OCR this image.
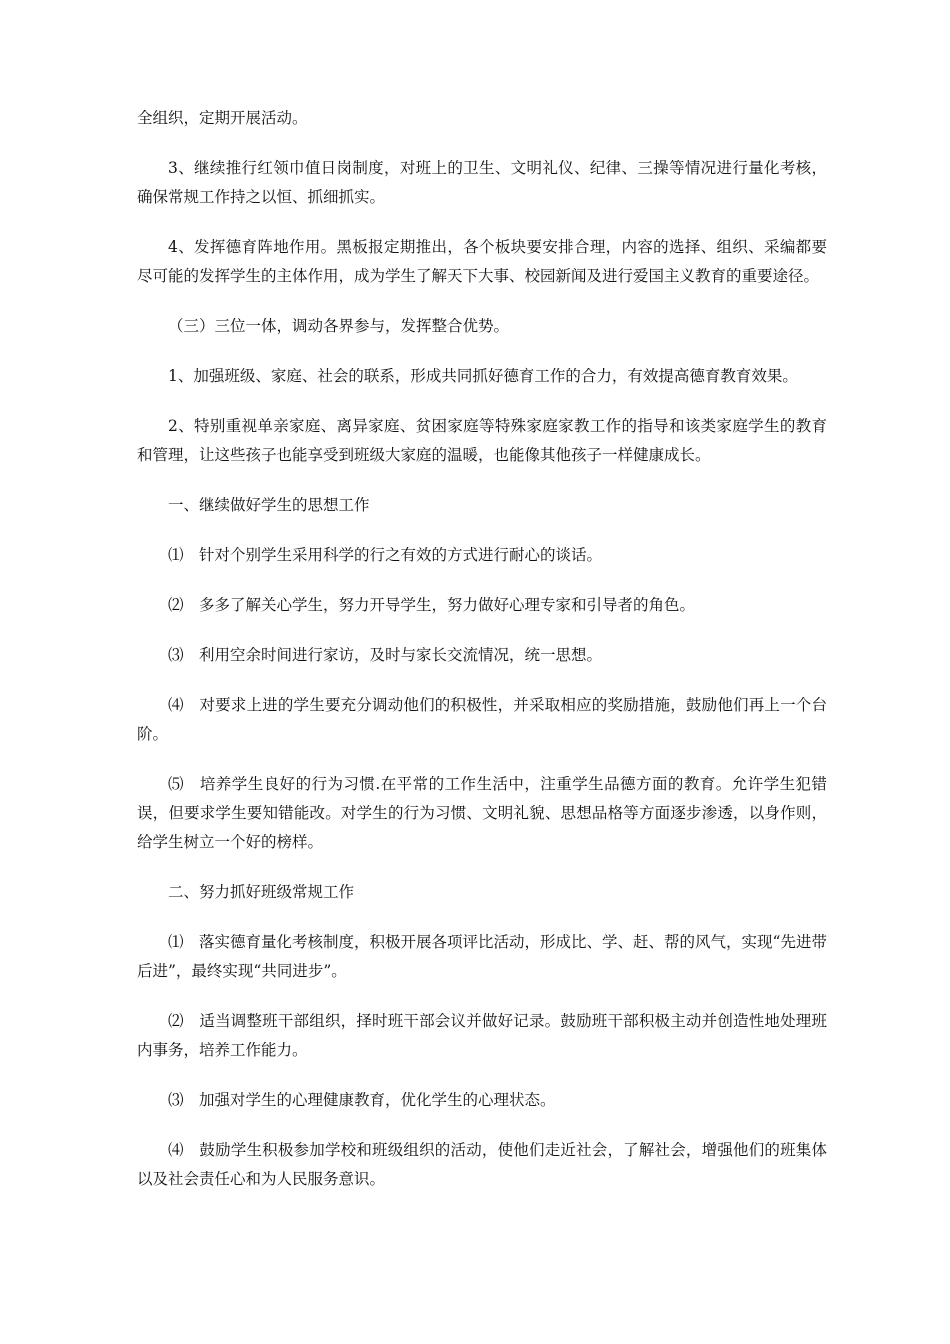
全组织，定期开展活动。

3、继续推行红领巾值日岗制度，对班上的卫生、文明礼仪、纪律、三操等情况进行量化考核，确保常规工作持之以恒、抓细抓实。

4、发挥德育阵地作用。黑板报定期推出，各个板块要安排合理，内容的选择、组织、采编都要尽可能的发挥学生的主体作用，成为学生了解天下大事、校园新闻及进行爱国主义教育的重要途径。

（三）三位一体，调动各界参与，发挥整合优势。

1、加强班级、家庭、社会的联系，形成共同抓好德育工作的合力，有效提高德育教育效果。

2、特别重视单亲家庭、离异家庭、贫困家庭等特殊家庭家教工作的指导和该类家庭学生的教育和管理，让这些孩子也能享受到班级大家庭的温暖，也能像其他孩子一样健康成长。

一、继续做好学生的思想工作

⑴　针对个别学生采用科学的行之有效的方式进行耐心的谈话。

⑵　多多了解关心学生，努力开导学生，努力做好心理专家和引导者的角色。

⑶　利用空余时间进行家访，及时与家长交流情况，统一思想。

⑷　对要求上进的学生要充分调动他们的积极性，并采取相应的奖励措施，鼓励他们再上一个台阶。

⑸　培养学生良好的行为习惯.在平常的工作生活中，注重学生品德方面的教育。允许学生犯错误，但要求学生要知错能改。对学生的行为习惯、文明礼貌、思想品格等方面逐步渗透，以身作则，给学生树立一个好的榜样。

二、努力抓好班级常规工作

⑴　落实德育量化考核制度，积极开展各项评比活动，形成比、学、赶、帮的风气，实现“先进带后进”，最终实现“共同进步”。

⑵　适当调整班干部组织，择时班干部会议并做好记录。鼓励班干部积极主动并创造性地处理班内事务，培养工作能力。

⑶　加强对学生的心理健康教育，优化学生的心理状态。

⑷　鼓励学生积极参加学校和班级组织的活动，使他们走近社会，了解社会，增强他们的班集体以及社会责任心和为人民服务意识。
